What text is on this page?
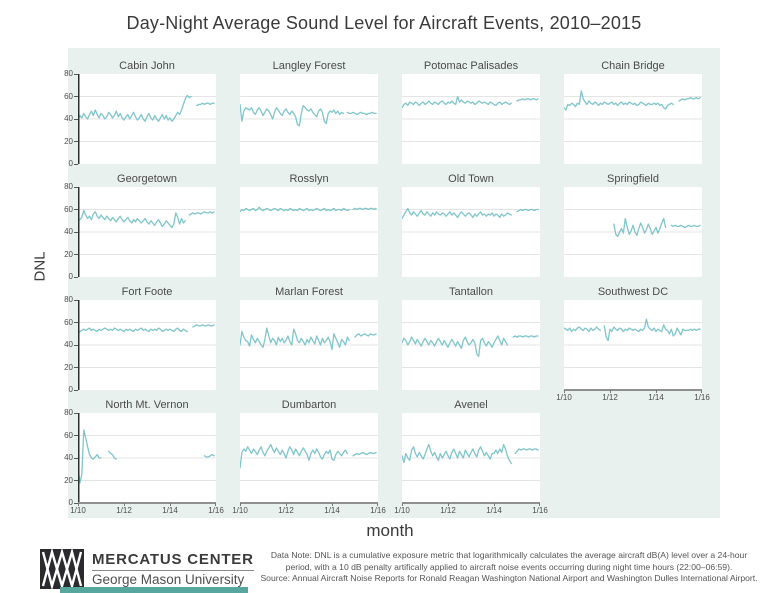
Day-Night Average Sound Level for Aircraft Events, 2010–2015
DNL
Cabin John
0
20
40
60
80
Langley Forest	Potomac Palisades	Chain Bridge
Georgetown
0
20
40
60
80
Rosslyn	Old Town	Springfield
Fort Foote
0
20
40
60
80
Marlan Forest	Tantallon	Southwest DC
1/10	1/12	1/14	1/16
North Mt. Vernon
0
20
40
60
80
1/10	1/12	1/14	1/16
Dumbarton
1/10	1/12	1/14	1/16
Avenel
1/10	1/12	1/14	1/16
month
MERCATUS CENTER
George Mason University
Data Note: DNL is a cumulative exposure metric that logarithmically calculates the average aircraft dB(A) level over a 24-hour
period, with a 10 dB penalty artifically applied to aircraft noise events occurring during night time hours (22:00–06:59).
Source: Annual Aircraft Noise Reports for Ronald Reagan Washington National Airport and Washington Dulles International Airport.
